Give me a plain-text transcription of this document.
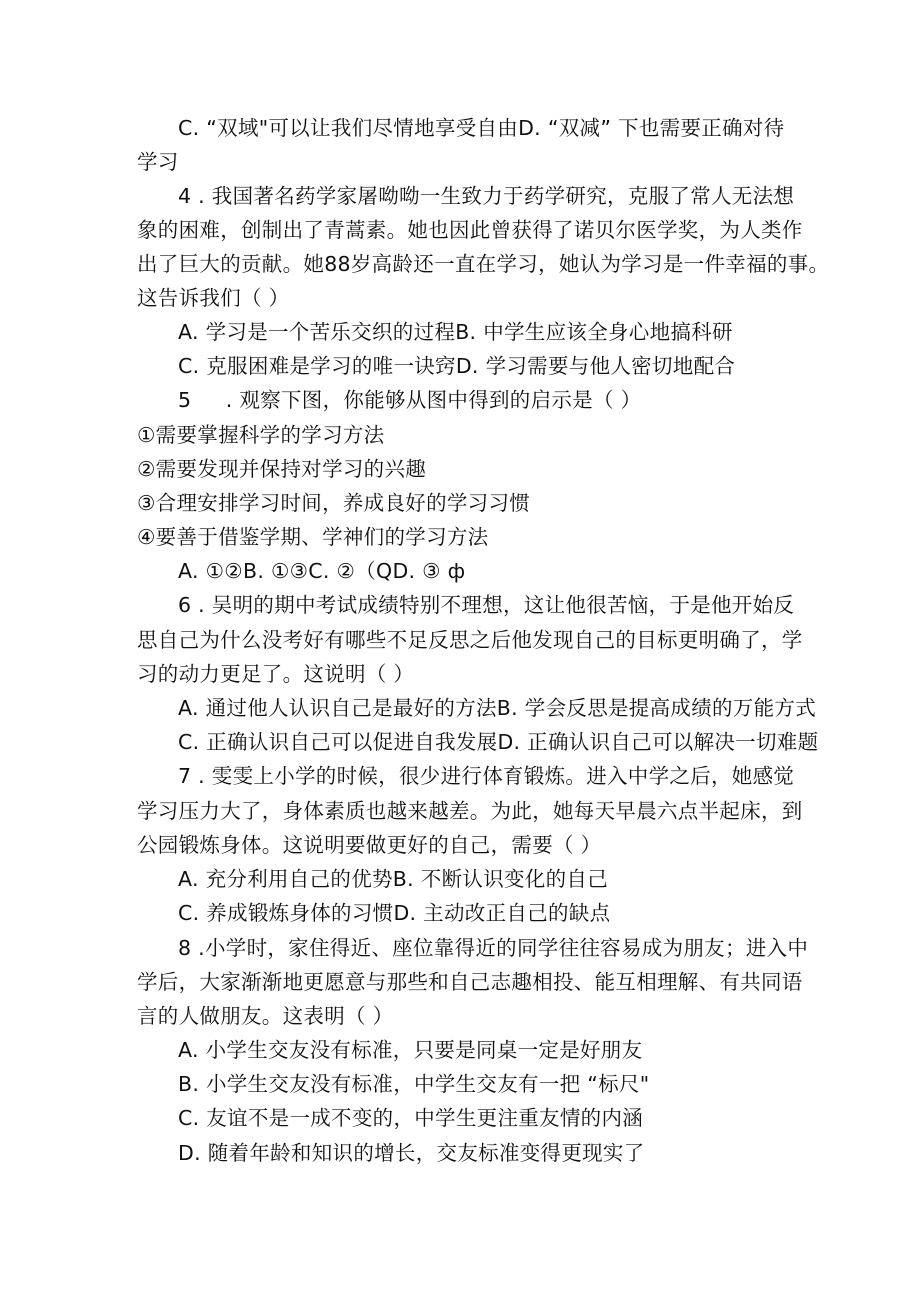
C. “双域"可以让我们尽情地享受自由D. “双减” 下也需要正确对待
学习
4 . 我国著名药学家屠呦呦一生致力于药学研究，克服了常人无法想
象的困难，创制出了青蒿素。她也因此曾获得了诺贝尔医学奖，为人类作
出了巨大的贡献。她88岁高龄还一直在学习，她认为学习是一件幸福的事。
这告诉我们（ ）
A. 学习是一个苦乐交织的过程B. 中学生应该全身心地搞科研
C. 克服困难是学习的唯一诀窍D. 学习需要与他人密切地配合
5 　 . 观察下图，你能够从图中得到的启示是（ ）
①需要掌握科学的学习方法
②需要发现并保持对学习的兴趣
③合理安排学习时间，养成良好的学习习惯
④要善于借鉴学期、学神们的学习方法
A. ①②B. ①③C. ②（QD. ③ ф
6 . 吴明的期中考试成绩特别不理想，这让他很苦恼，于是他开始反
思自己为什么没考好有哪些不足反思之后他发现自己的目标更明确了，学
习的动力更足了。这说明（ ）
A. 通过他人认识自己是最好的方法B. 学会反思是提高成绩的万能方式
C. 正确认识自己可以促进自我发展D. 正确认识自己可以解决一切难题
7 . 雯雯上小学的时候，很少进行体育锻炼。进入中学之后，她感觉
学习压力大了，身体素质也越来越差。为此，她每天早晨六点半起床，到
公园锻炼身体。这说明要做更好的自己，需要（ ）
A. 充分利用自己的优势B. 不断认识变化的自己
C. 养成锻炼身体的习惯D. 主动改正自己的缺点
8 .小学时，家住得近、座位靠得近的同学往往容易成为朋友；进入中
学后，大家渐渐地更愿意与那些和自己志趣相投、能互相理解、有共同语
言的人做朋友。这表明（ ）
A. 小学生交友没有标准，只要是同桌一定是好朋友
B. 小学生交友没有标准，中学生交友有一把 “标尺"
C. 友谊不是一成不变的，中学生更注重友情的内涵
D. 随着年龄和知识的增长，交友标准变得更现实了
